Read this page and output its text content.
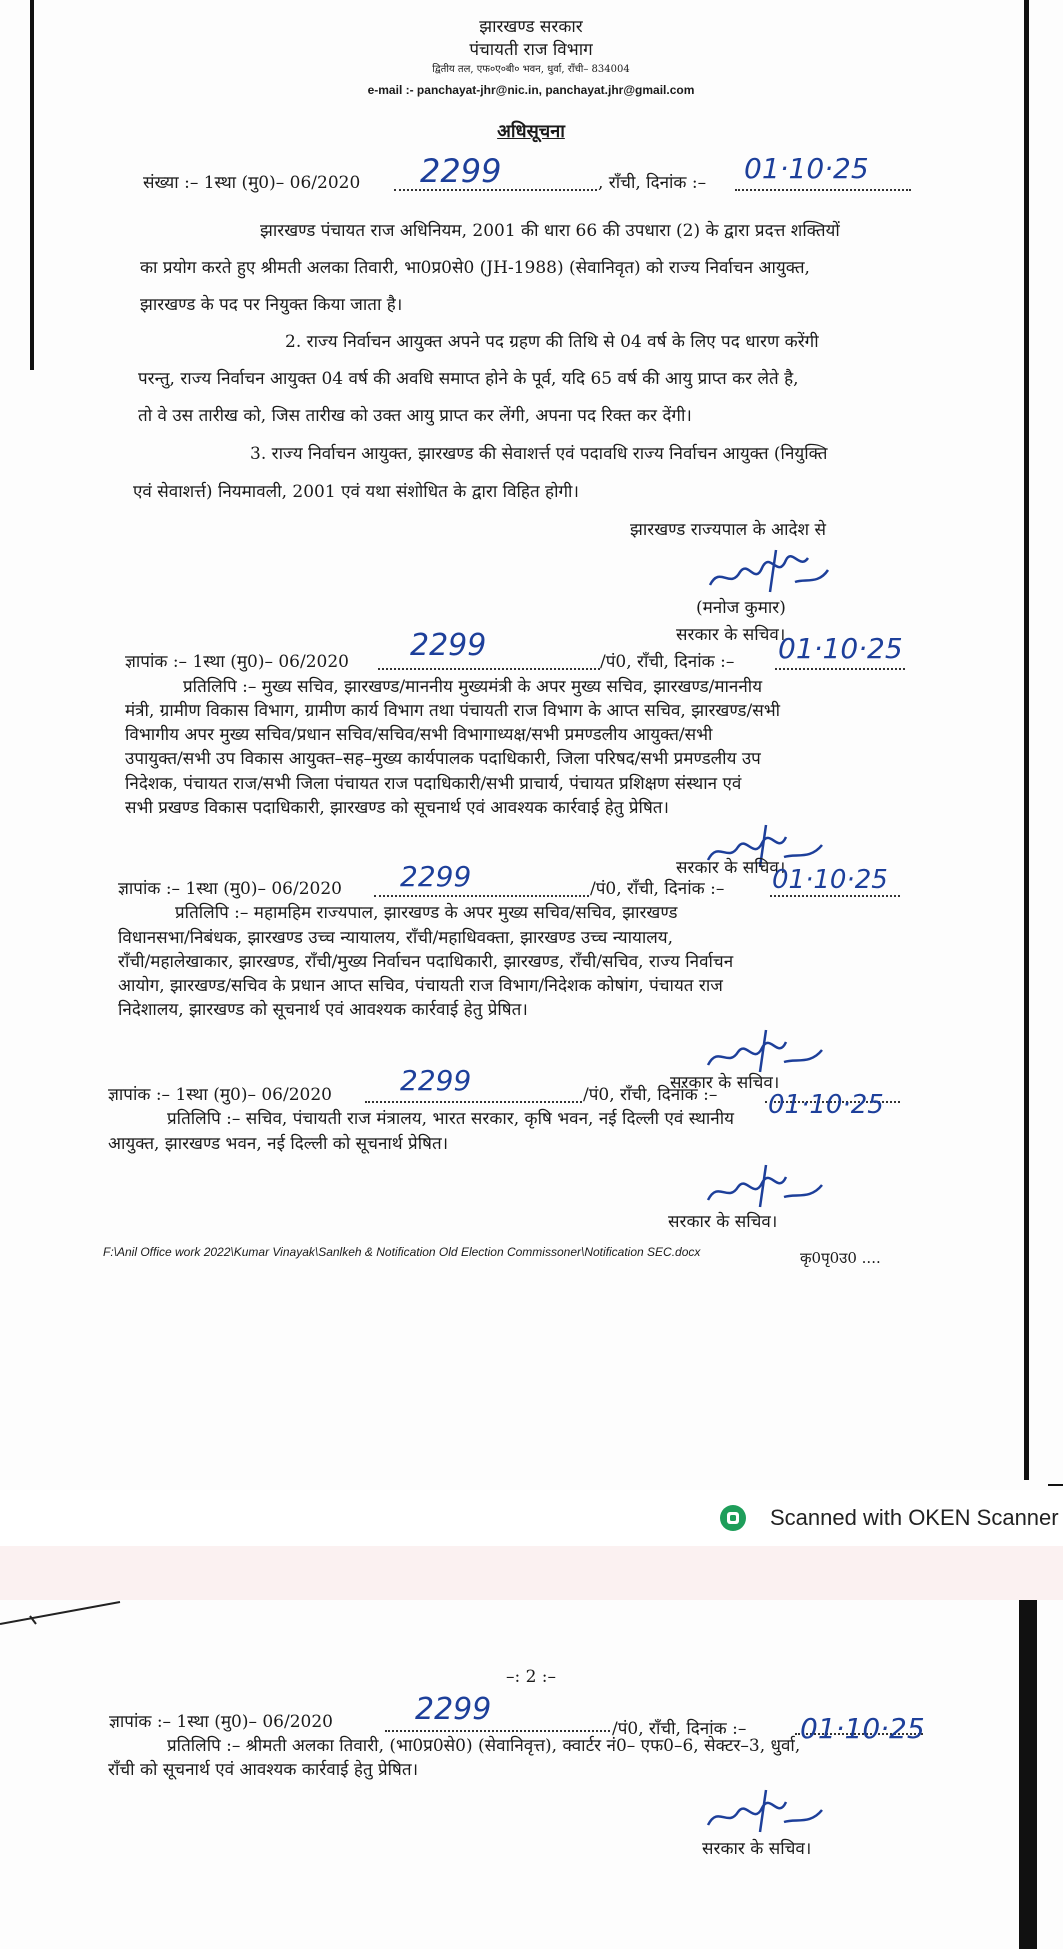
झारखण्ड सरकार
पंचायती राज विभाग
द्वितीय तल, एफ०ए०बी० भवन, धुर्वा, राँची– 834004
e-mail :- panchayat-jhr@nic.in, panchayat.jhr@gmail.com
अधिसूचना
संख्या :– 1स्था (मु0)– 06/2020 2299	, राँची, दिनांक :– 01·10·25
झारखण्ड पंचायत राज अधिनियम, 2001 की धारा 66 की उपधारा (2) के द्वारा प्रदत्त शक्तियों
का प्रयोग करते हुए श्रीमती अलका तिवारी, भा0प्र0से0 (JH-1988) (सेवानिवृत) को राज्य निर्वाचन आयुक्त,
झारखण्ड के पद पर नियुक्त किया जाता है।
2. राज्य निर्वाचन आयुक्त अपने पद ग्रहण की तिथि से 04 वर्ष के लिए पद धारण करेंगी
परन्तु, राज्य निर्वाचन आयुक्त 04 वर्ष की अवधि समाप्त होने के पूर्व, यदि 65 वर्ष की आयु प्राप्त कर लेते है,
तो वे उस तारीख को, जिस तारीख को उक्त आयु प्राप्त कर लेंगी, अपना पद रिक्त कर देंगी।
3. राज्य निर्वाचन आयुक्त, झारखण्ड की सेवाशर्त्त एवं पदावधि राज्य निर्वाचन आयुक्त (नियुक्ति
एवं सेवाशर्त्त) नियमावली, 2001 एवं यथा संशोधित के द्वारा विहित होगी।
झारखण्ड राज्यपाल के आदेश से
(मनोज कुमार)
सरकार के सचिव।
ज्ञापांक :– 1स्था (मु0)– 06/2020 2299	/पं0, राँची, दिनांक :– 01·10·25
प्रतिलिपि :– मुख्य सचिव, झारखण्ड/माननीय मुख्यमंत्री के अपर मुख्य सचिव, झारखण्ड/माननीय
मंत्री, ग्रामीण विकास विभाग, ग्रामीण कार्य विभाग तथा पंचायती राज विभाग के आप्त सचिव, झारखण्ड/सभी
विभागीय अपर मुख्य सचिव/प्रधान सचिव/सचिव/सभी विभागाध्यक्ष/सभी प्रमण्डलीय आयुक्त/सभी
उपायुक्त/सभी उप विकास आयुक्त–सह–मुख्य कार्यपालक पदाधिकारी, जिला परिषद/सभी प्रमण्डलीय उप
निदेशक, पंचायत राज/सभी जिला पंचायत राज पदाधिकारी/सभी प्राचार्य, पंचायत प्रशिक्षण संस्थान एवं
सभी प्रखण्ड विकास पदाधिकारी, झारखण्ड को सूचनार्थ एवं आवश्यक कार्रवाई हेतु प्रेषित।
सरकार के सचिव।
ज्ञापांक :– 1स्था (मु0)– 06/2020 2299	/पं0, राँची, दिनांक :– 01·10·25
प्रतिलिपि :– महामहिम राज्यपाल, झारखण्ड के अपर मुख्य सचिव/सचिव, झारखण्ड
विधानसभा/निबंधक, झारखण्ड उच्च न्यायालय, राँची/महाधिवक्ता, झारखण्ड उच्च न्यायालय,
राँची/महालेखाकार, झारखण्ड, राँची/मुख्य निर्वाचन पदाधिकारी, झारखण्ड, राँची/सचिव, राज्य निर्वाचन
आयोग, झारखण्ड/सचिव के प्रधान आप्त सचिव, पंचायती राज विभाग/निदेशक कोषांग, पंचायत राज
निदेशालय, झारखण्ड को सूचनार्थ एवं आवश्यक कार्रवाई हेतु प्रेषित।
सरकार के सचिव।
ज्ञापांक :– 1स्था (मु0)– 06/2020 2299	/पं0, राँची, दिनांक :– 01·10·25
प्रतिलिपि :– सचिव, पंचायती राज मंत्रालय, भारत सरकार, कृषि भवन, नई दिल्ली एवं स्थानीय
आयुक्त, झारखण्ड भवन, नई दिल्ली को सूचनार्थ प्रेषित।
सरकार के सचिव।
F:\Anil Office work 2022\Kumar Vinayak\Sanlkeh & Notification Old Election Commissoner\Notification SEC.docx	कृ0पृ0उ0 ....
Scanned with OKEN Scanner
–: 2 :–
ज्ञापांक :– 1स्था (मु0)– 06/2020	2299
/पं0, राँची, दिनांक :– 01·10·25
प्रतिलिपि :– श्रीमती अलका तिवारी, (भा0प्र0से0) (सेवानिवृत्त), क्वार्टर नं0– एफ0–6, सेक्टर–3, धुर्वा,
राँची को सूचनार्थ एवं आवश्यक कार्रवाई हेतु प्रेषित।
सरकार के सचिव।
